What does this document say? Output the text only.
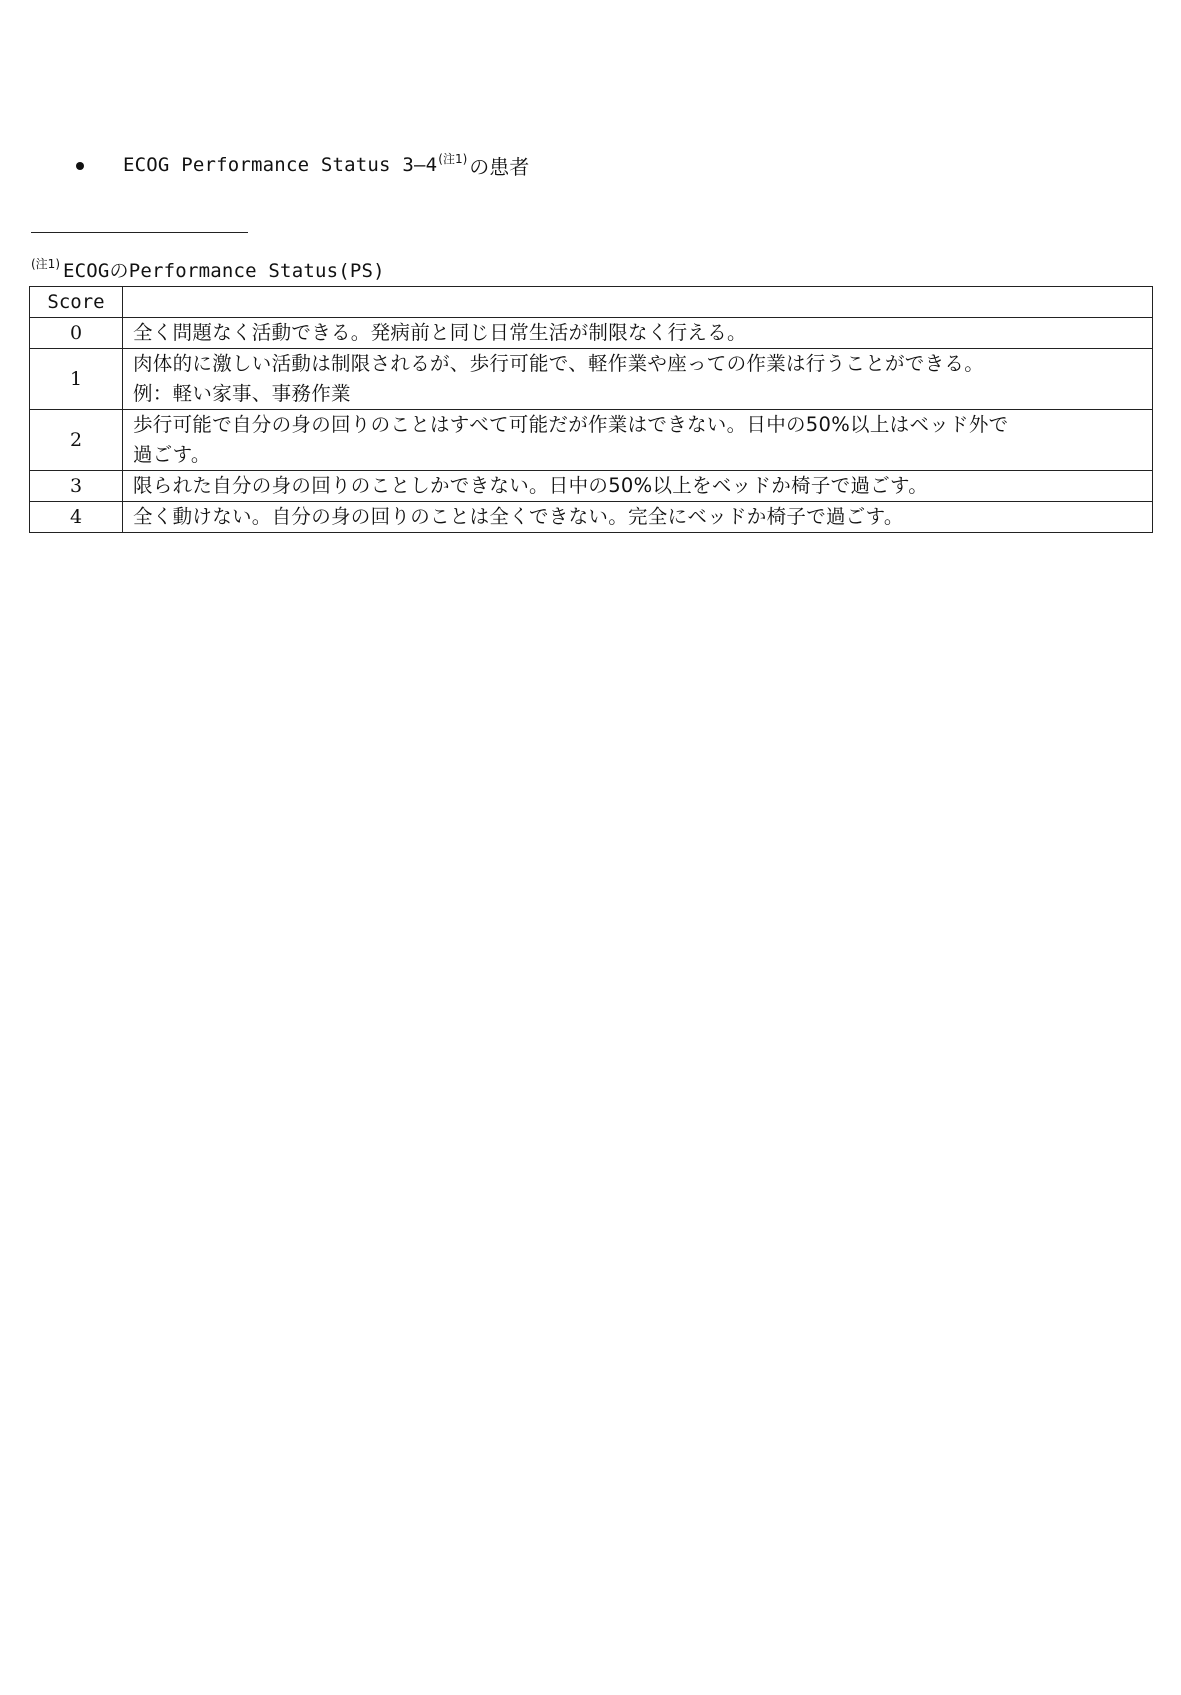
ECOG Performance Status 3—4$^{(注1)}$ の患者
$^{(注1)}$ ECOGのPerformance Status(PS)
Score	
0	全く問題なく活動できる。発病前と同じ日常生活が制限なく行える。

1	肉体的に激しい活動は制限されるが、歩行可能で、軽作業や座っての作業は行うことができる。
例：軽い家事、事務作業

2	歩行可能で自分の身の回りのことはすべて可能だが作業はできない。日中の50%以上はベッド外で
過ごす。

3	限られた自分の身の回りのことしかできない。日中の50%以上をベッドか椅子で過ごす。

4	全く動けない。自分の身の回りのことは全くできない。完全にベッドか椅子で過ごす。
